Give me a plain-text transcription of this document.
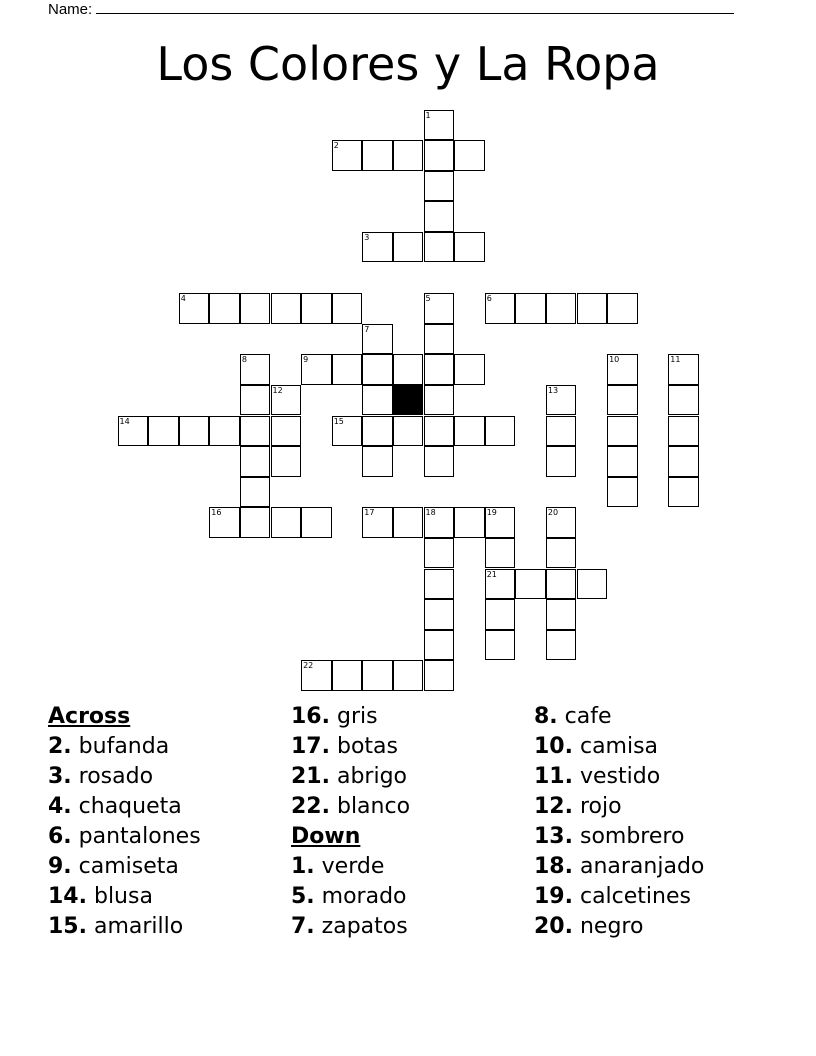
Name:
Los Colores y La Ropa
1
2
3
4	5	6
7
8	9	10	11
12	13
14	15
16	17	18	19
21
20
22
Across
2. bufanda
3. rosado
4. chaqueta
6. pantalones
9. camiseta
14. blusa
15. amarillo
16. gris
17. botas
21. abrigo
22. blanco
Down
1. verde
5. morado
7. zapatos
8. cafe
10. camisa
11. vestido
12. rojo
13. sombrero
18. anaranjado
19. calcetines
20. negro
